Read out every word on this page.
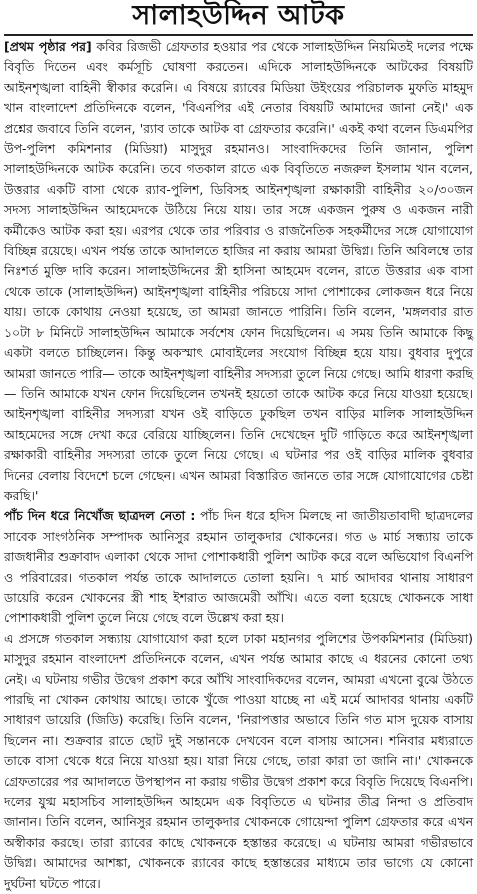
সালাহউদ্দিন আটক

[প্রথম পৃষ্ঠার পর] কবির রিজভী গ্রেফতার হওয়ার পর থেকে সালাহউদ্দিন নিয়মিতই দলের পক্ষে বিবৃতি দিতেন এবং কর্মসূচি ঘোষণা করতেন। এদিকে সালাহউদ্দিনকে আটকের বিষয়টি আইনশৃঙ্খলা বাহিনী স্বীকার করেনি। এ বিষয়ে র‍্যাবের মিডিয়া উইংয়ের পরিচালক মুফতি মাহমুদ খান বাংলাদেশ প্রতিদিনকে বলেন, 'বিএনপির এই নেতার বিষয়টি আমাদের জানা নেই।' এক প্রশ্নের জবাবে তিনি বলেন, 'র‍্যাব তাকে আটক বা গ্রেফতার করেনি।' একই কথা বলেন ডিএমপির উপ-পুলিশ কমিশনার (মিডিয়া) মাসুদুর রহমানও। সাংবাদিকদের তিনি জানান, পুলিশ সালাহউদ্দিনকে আটক করেনি। তবে গতকাল রাতে এক বিবৃতিতে নজরুল ইসলাম খান বলেন, উত্তরার একটি বাসা থেকে র‍্যাব-পুলিশ, ডিবিসহ আইনশৃঙ্খলা রক্ষাকারী বাহিনীর ২০/৩০জন সদস্য সালাহউদ্দিন আহমেদকে উঠিয়ে নিয়ে যায়। তার সঙ্গে একজন পুরুষ ও একজন নারী কর্মীকেও আটক করা হয়। এরপর থেকে তার পরিবার ও রাজনৈতিক সহকর্মীদের সঙ্গে যোগাযোগ বিচ্ছিন্ন রয়েছে। এখন পর্যন্ত তাকে আদালতে হাজির না করায় আমরা উদ্বিগ্ন। তিনি অবিলম্বে তার নিঃশর্ত মুক্তি দাবি করেন। সালাহউদ্দিনের স্ত্রী হাসিনা আহমেদ বলেন, রাতে উত্তরার এক বাসা থেকে তাকে (সালাহউদ্দিন) আইনশৃঙ্খলা বাহিনীর পরিচয়ে সাদা পোশাকের লোকজন ধরে নিয়ে যায়। তাকে কোথায় নেওয়া হয়েছে, তা আমরা জানতে পারিনি। তিনি বলেন, 'মঙ্গলবার রাত ১০টা ৮ মিনিটে সালাহউদ্দিন আমাকে সর্বশেষ ফোন দিয়েছিলেন। এ সময় তিনি আমাকে কিছু একটা বলতে চাচ্ছিলেন। কিন্তু অকস্মাৎ মোবাইলের সংযোগ বিচ্ছিন্ন হয়ে যায়। বুধবার দুপুরে আমরা জানতে পারি— তাকে আইনশৃঙ্খলা বাহিনীর সদস্যরা তুলে নিয়ে গেছে। আমি ধারণা করছি— তিনি আমাকে যখন ফোন দিয়েছিলেন তখনই হয়তো তাকে আটক করে নিয়ে যাওয়া হয়েছে। আইনশৃঙ্খলা বাহিনীর সদস্যরা যখন ওই বাড়িতে ঢুকছিল তখন বাড়ির মালিক সালাহউদ্দিন আহমেদের সঙ্গে দেখা করে বেরিয়ে যাচ্ছিলেন। তিনি দেখেছেন দুটি গাড়িতে করে আইনশৃঙ্খলা রক্ষাকারী বাহিনীর সদস্যরা তাকে তুলে নিয়ে গেছে। এ ঘটনার পর ওই বাড়ির মালিক বুধবার দিনের বেলায় বিদেশে চলে গেছেন। এখন আমরা বিস্তারিত জানতে তার সঙ্গে যোগাযোগের চেষ্টা করছি।'

পাঁচ দিন ধরে নিখোঁজ ছাত্রদল নেতা : পাঁচ দিন ধরে হদিস মিলছে না জাতীয়তাবাদী ছাত্রদলের সাবেক সাংগঠনিক সম্পাদক আনিসুর রহমান তালুকদার খোকনের। গত ৬ মার্চ সন্ধ্যায় তাকে রাজধানীর শুক্রাবাদ এলাকা থেকে সাদা পোশাকধারী পুলিশ আটক করে বলে অভিযোগ বিএনপি ও পরিবারের। গতকাল পর্যন্ত তাকে আদালতে তোলা হয়নি। ৭ মার্চ আদাবর থানায় সাধারণ ডায়েরি করেন খোকনের স্ত্রী শাহ ইশরাত আজমেরী আঁখি। এতে বলা হয়েছে খোকনকে সাধা পোশাকধারী পুলিশ তুলে নিয়ে গেছে বলে উল্লেখ করা হয়।

এ প্রসঙ্গে গতকাল সন্ধ্যায় যোগাযোগ করা হলে ঢাকা মহানগর পুলিশের উপকমিশনার (মিডিয়া) মাসুদুর রহমান বাংলাদেশ প্রতিদিনকে বলেন, এখন পর্যন্ত আমার কাছে এ ধরনের কোনো তথ্য নেই। এ ঘটনায় গভীর উদ্বেগ প্রকাশ করে আঁখি সাংবাদিকদের বলেন, আমরা এখনো বুঝে উঠতে পারছি না খোকন কোথায় আছে। তাকে খুঁজে পাওয়া যাচ্ছে না এই মর্মে আদাবর থানায় একটি সাধারণ ডায়েরি (জিডি) করেছি। তিনি বলেন, 'নিরাপত্তার অভাবে তিনি গত মাস দুয়েক বাসায় ছিলেন না। শুক্রবার রাতে ছোট দুই সন্তানকে দেখবেন বলে বাসায় আসেন। শনিবার মধ্যরাতে তাকে বাসা থেকে ধরে নিয়ে যাওয়া হয়। যারা নিয়ে গেছে, তারা কারা তা জানি না।' খোকনকে গ্রেফতারের পর আদালতে উপস্থাপন না করায় গভীর উদ্বেগ প্রকাশ করে বিবৃতি দিয়েছে বিএনপি। দলের যুগ্ম মহাসচিব সালাহউদ্দিন আহমেদ এক বিবৃতিতে এ ঘটনার তীব্র নিন্দা ও প্রতিবাদ জানান। তিনি বলেন, আনিসুর রহমান তালুকদার খোকনকে গোয়েন্দা পুলিশ গ্রেফতার করে এখন অস্বীকার করছে। তারা র‍্যাবের কাছে খোকনকে হস্তান্তর করেছে। এ ঘটনায় আমরা গভীরভাবে উদ্বিগ্ন। আমাদের আশঙ্কা, খোকনকে র‍্যাবের কাছে হস্তান্তরের মাধ্যমে তার ভাগ্যে যে কোনো দুর্ঘটনা ঘটতে পারে।
